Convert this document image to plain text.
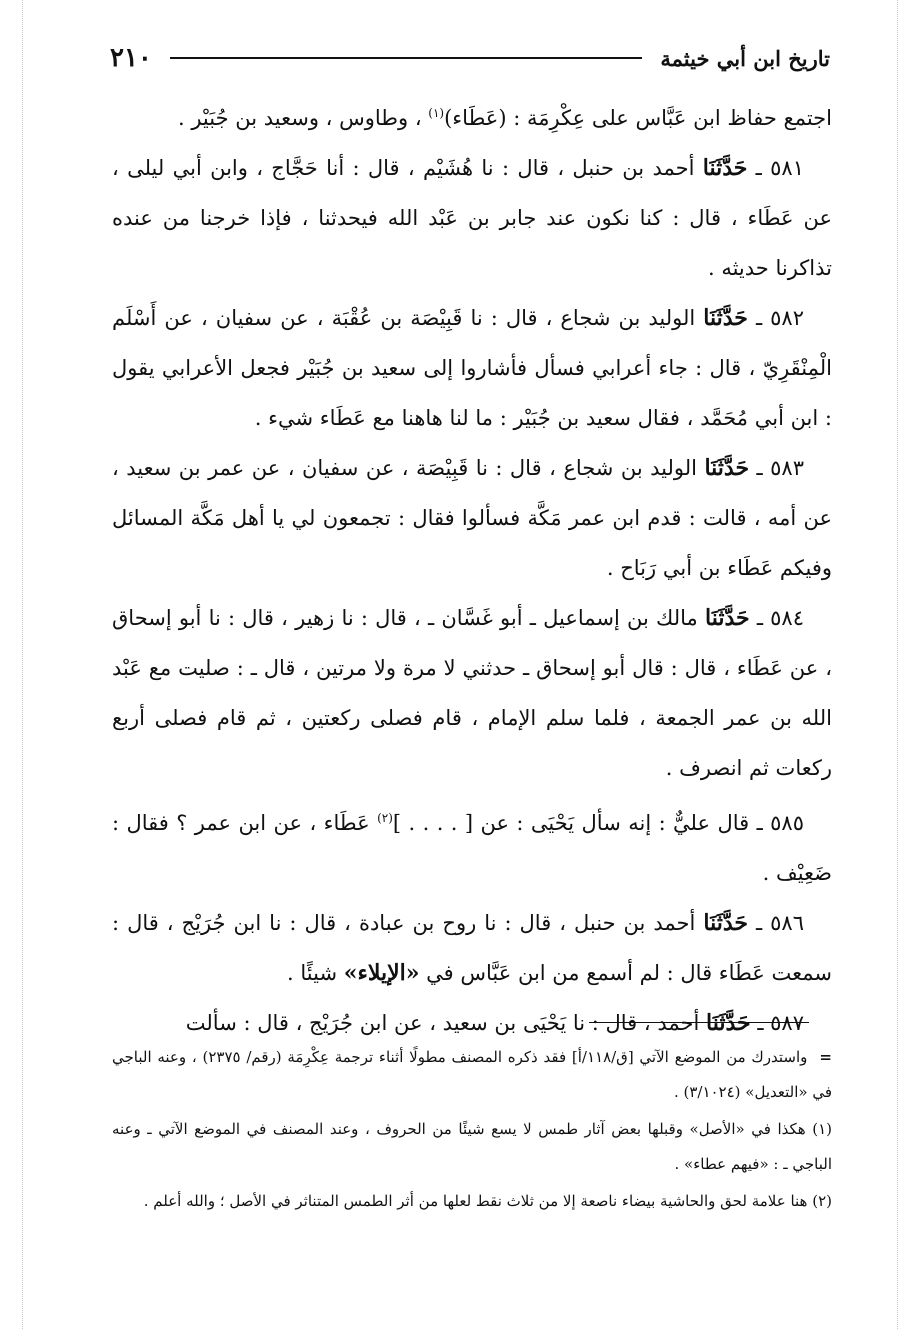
تاريخ ابن أبي خيثمة
٢١٠

اجتمع حفاظ ابن عَبَّاس على عِكْرِمَة : (عَطَاء)$^{(١)}$ ، وطاوس ، وسعيد بن جُبَيْر .

٥٨١ ـ حَدَّثَنَا أحمد بن حنبل ، قال : نا هُشَيْم ، قال : أنا حَجَّاج ، وابن أبي ليلى ، عن عَطَاء ، قال : كنا نكون عند جابر بن عَبْد الله فيحدثنا ، فإذا خرجنا من عنده تذاكرنا حديثه .

٥٨٢ ـ حَدَّثَنَا الوليد بن شجاع ، قال : نا قَبِيْصَة بن عُقْبَة ، عن سفيان ، عن أَسْلَم الْمِنْقَرِيّ ، قال : جاء أعرابي فسأل فأشاروا إلى سعيد بن جُبَيْر فجعل الأعرابي يقول : ابن أبي مُحَمَّد ، فقال سعيد بن جُبَيْر : ما لنا هاهنا مع عَطَاء شيء .

٥٨٣ ـ حَدَّثَنَا الوليد بن شجاع ، قال : نا قَبِيْصَة ، عن سفيان ، عن عمر بن سعيد ، عن أمه ، قالت : قدم ابن عمر مَكَّة فسألوا فقال : تجمعون لي يا أهل مَكَّة المسائل وفيكم عَطَاء بن أبي رَبَاح .

٥٨٤ ـ حَدَّثَنَا مالك بن إسماعيل ـ أبو غَسَّان ـ ، قال : نا زهير ، قال : نا أبو إسحاق ، عن عَطَاء ، قال : قال أبو إسحاق ـ حدثني لا مرة ولا مرتين ، قال ـ : صليت مع عَبْد الله بن عمر الجمعة ، فلما سلم الإمام ، قام فصلى ركعتين ، ثم قام فصلى أربع ركعات ثم انصرف .

٥٨٥ ـ قال عليٌّ : إنه سأل يَحْيَى : عن [ . . . . ]$^{(٢)}$ عَطَاء ، عن ابن عمر ؟ فقال : ضَعِيْف .

٥٨٦ ـ حَدَّثَنَا أحمد بن حنبل ، قال : نا روح بن عبادة ، قال : نا ابن جُرَيْج ، قال : سمعت عَطَاء قال : لم أسمع من ابن عَبَّاس في «الإيلاء» شيئًا .

٥٨٧ ـ حَدَّثَنَا أحمد ، قال : نا يَحْيَى بن سعيد ، عن ابن جُرَيْج ، قال : سألت

=واستدرك من الموضع الآتي [ق/١١٨/أ] فقد ذكره المصنف مطولًا أثناء ترجمة عِكْرِمَة (رقم/ ٢٣٧٥) ، وعنه الباجي في «التعديل» (٣/١٠٢٤) .

(١) هكذا في «الأصل» وقبلها بعض آثار طمس لا يسع شيئًا من الحروف ، وعند المصنف في الموضع الآتي ـ وعنه الباجي ـ : «فيهم عطاء» .

(٢) هنا علامة لحق والحاشية بيضاء ناصعة إلا من ثلاث نقط لعلها من أثر الطمس المتناثر في الأصل ؛ والله أعلم .
